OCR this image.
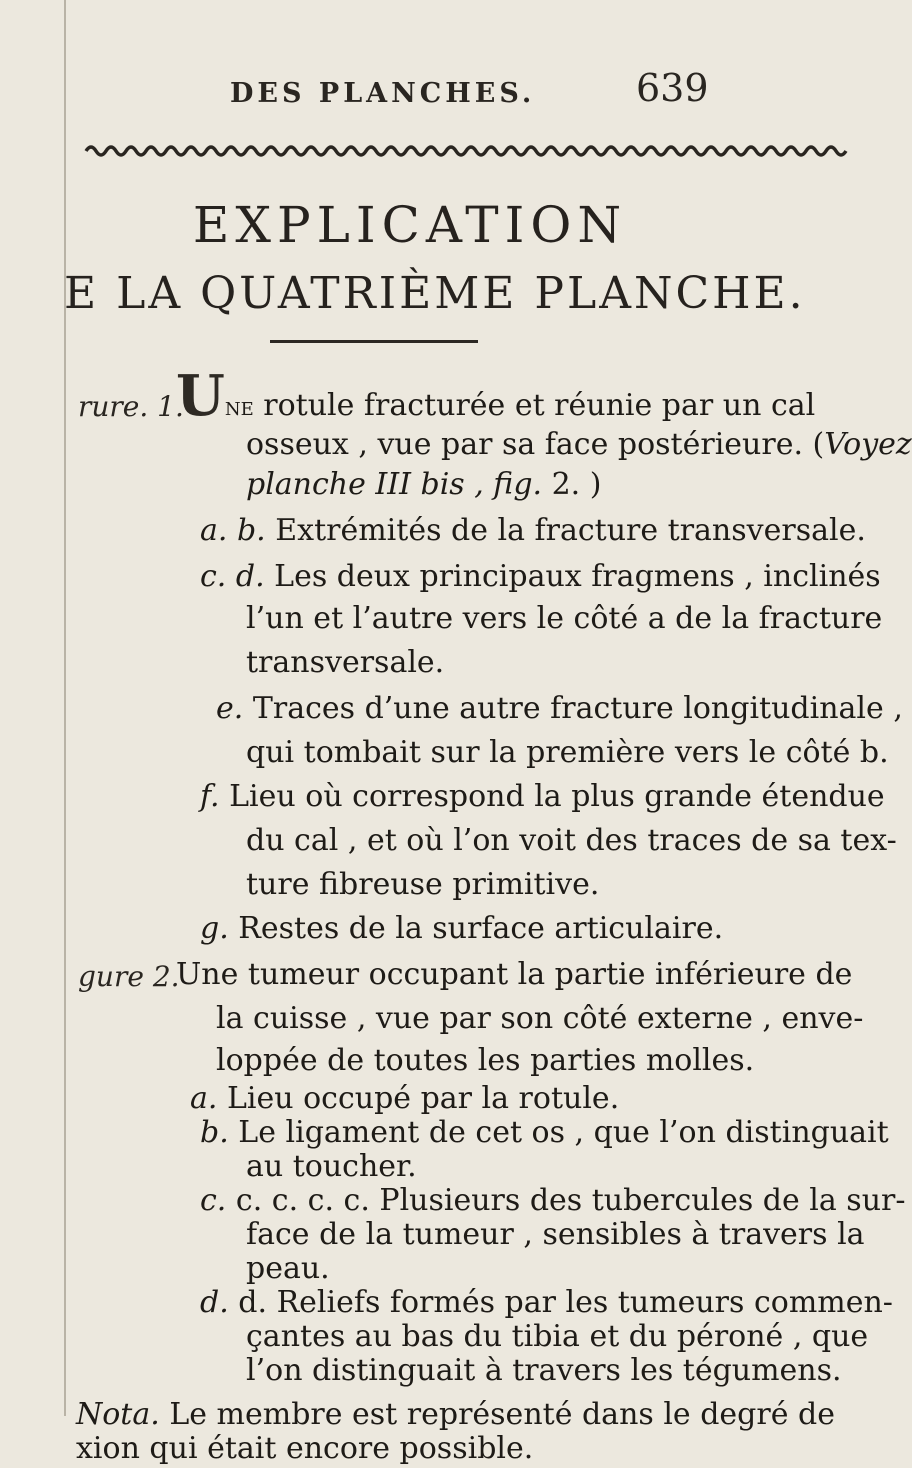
DES PLANCHES.	639
EXPLICATION
E LA QUATRIÈME PLANCHE.
rure. 1.
Une rotule fracturée et réunie par un cal
osseux , vue par sa face postérieure. (Voyez
planche III bis , fig. 2. )
a. b. Extrémités de la fracture transversale.
c. d. Les deux principaux fragmens , inclinés
l’un et l’autre vers le côté a de la fracture
transversale.
e. Traces d’une autre fracture longitudinale ,
qui tombait sur la première vers le côté b.
f. Lieu où correspond la plus grande étendue
du cal , et où l’on voit des traces de sa tex-
ture fibreuse primitive.
g. Restes de la surface articulaire.
gure 2.
Une tumeur occupant la partie inférieure de
la cuisse , vue par son côté externe , enve-
loppée de toutes les parties molles.
a. Lieu occupé par la rotule.
b. Le ligament de cet os , que l’on distinguait
au toucher.
c. c. c. c. c. Plusieurs des tubercules de la sur-
face de la tumeur , sensibles à travers la
peau.
d. d. Reliefs formés par les tumeurs commen-
çantes au bas du tibia et du péroné , que
l’on distinguait à travers les tégumens.
Nota. Le membre est représenté dans le degré de
xion qui était encore possible.
